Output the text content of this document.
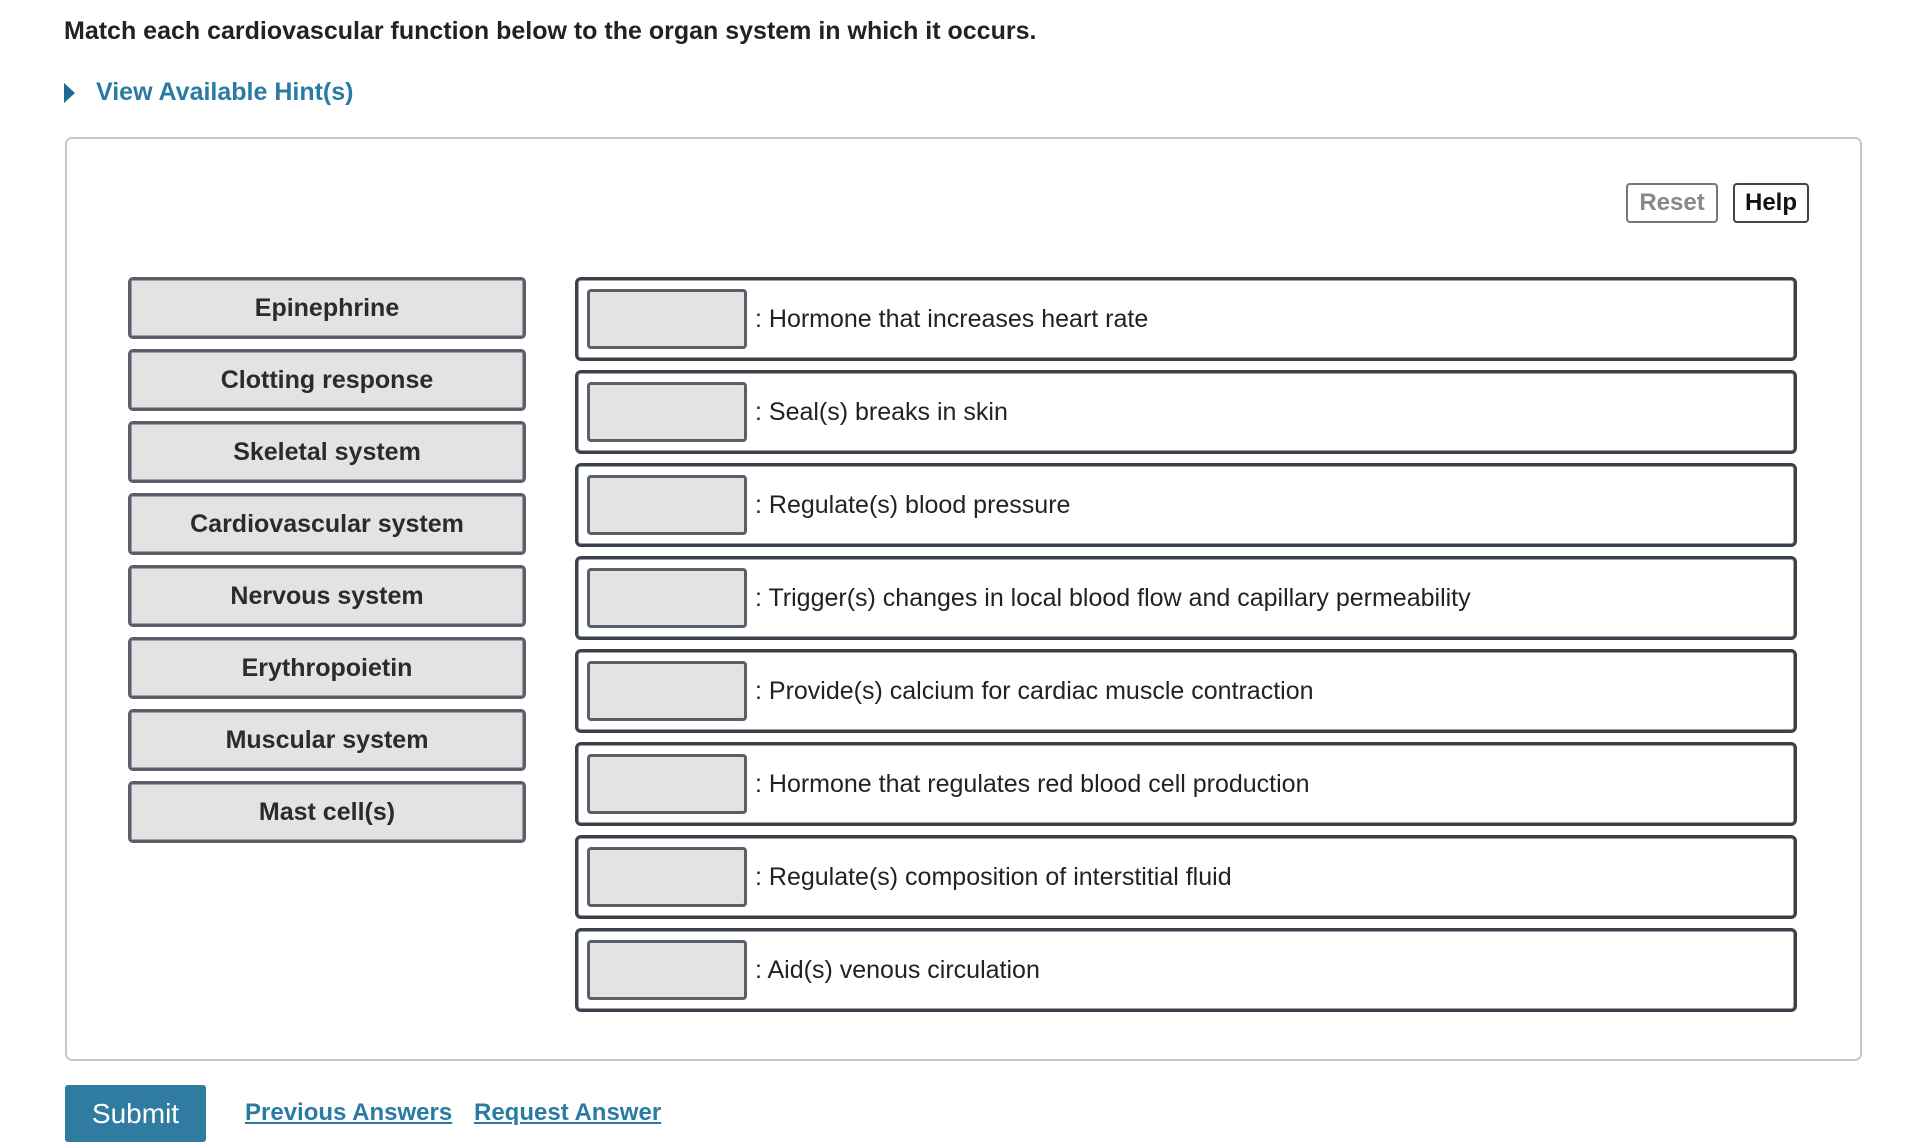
Match each cardiovascular function below to the organ system in which it occurs.
View Available Hint(s)
Reset	Help
Epinephrine
Clotting response
Skeletal system
Cardiovascular system
Nervous system
Erythropoietin
Muscular system
Mast cell(s)
: Hormone that increases heart rate
: Seal(s) breaks in skin
: Regulate(s) blood pressure
: Trigger(s) changes in local blood flow and capillary permeability
: Provide(s) calcium for cardiac muscle contraction
: Hormone that regulates red blood cell production
: Regulate(s) composition of interstitial fluid
: Aid(s) venous circulation
Submit	Previous Answers Request Answer
